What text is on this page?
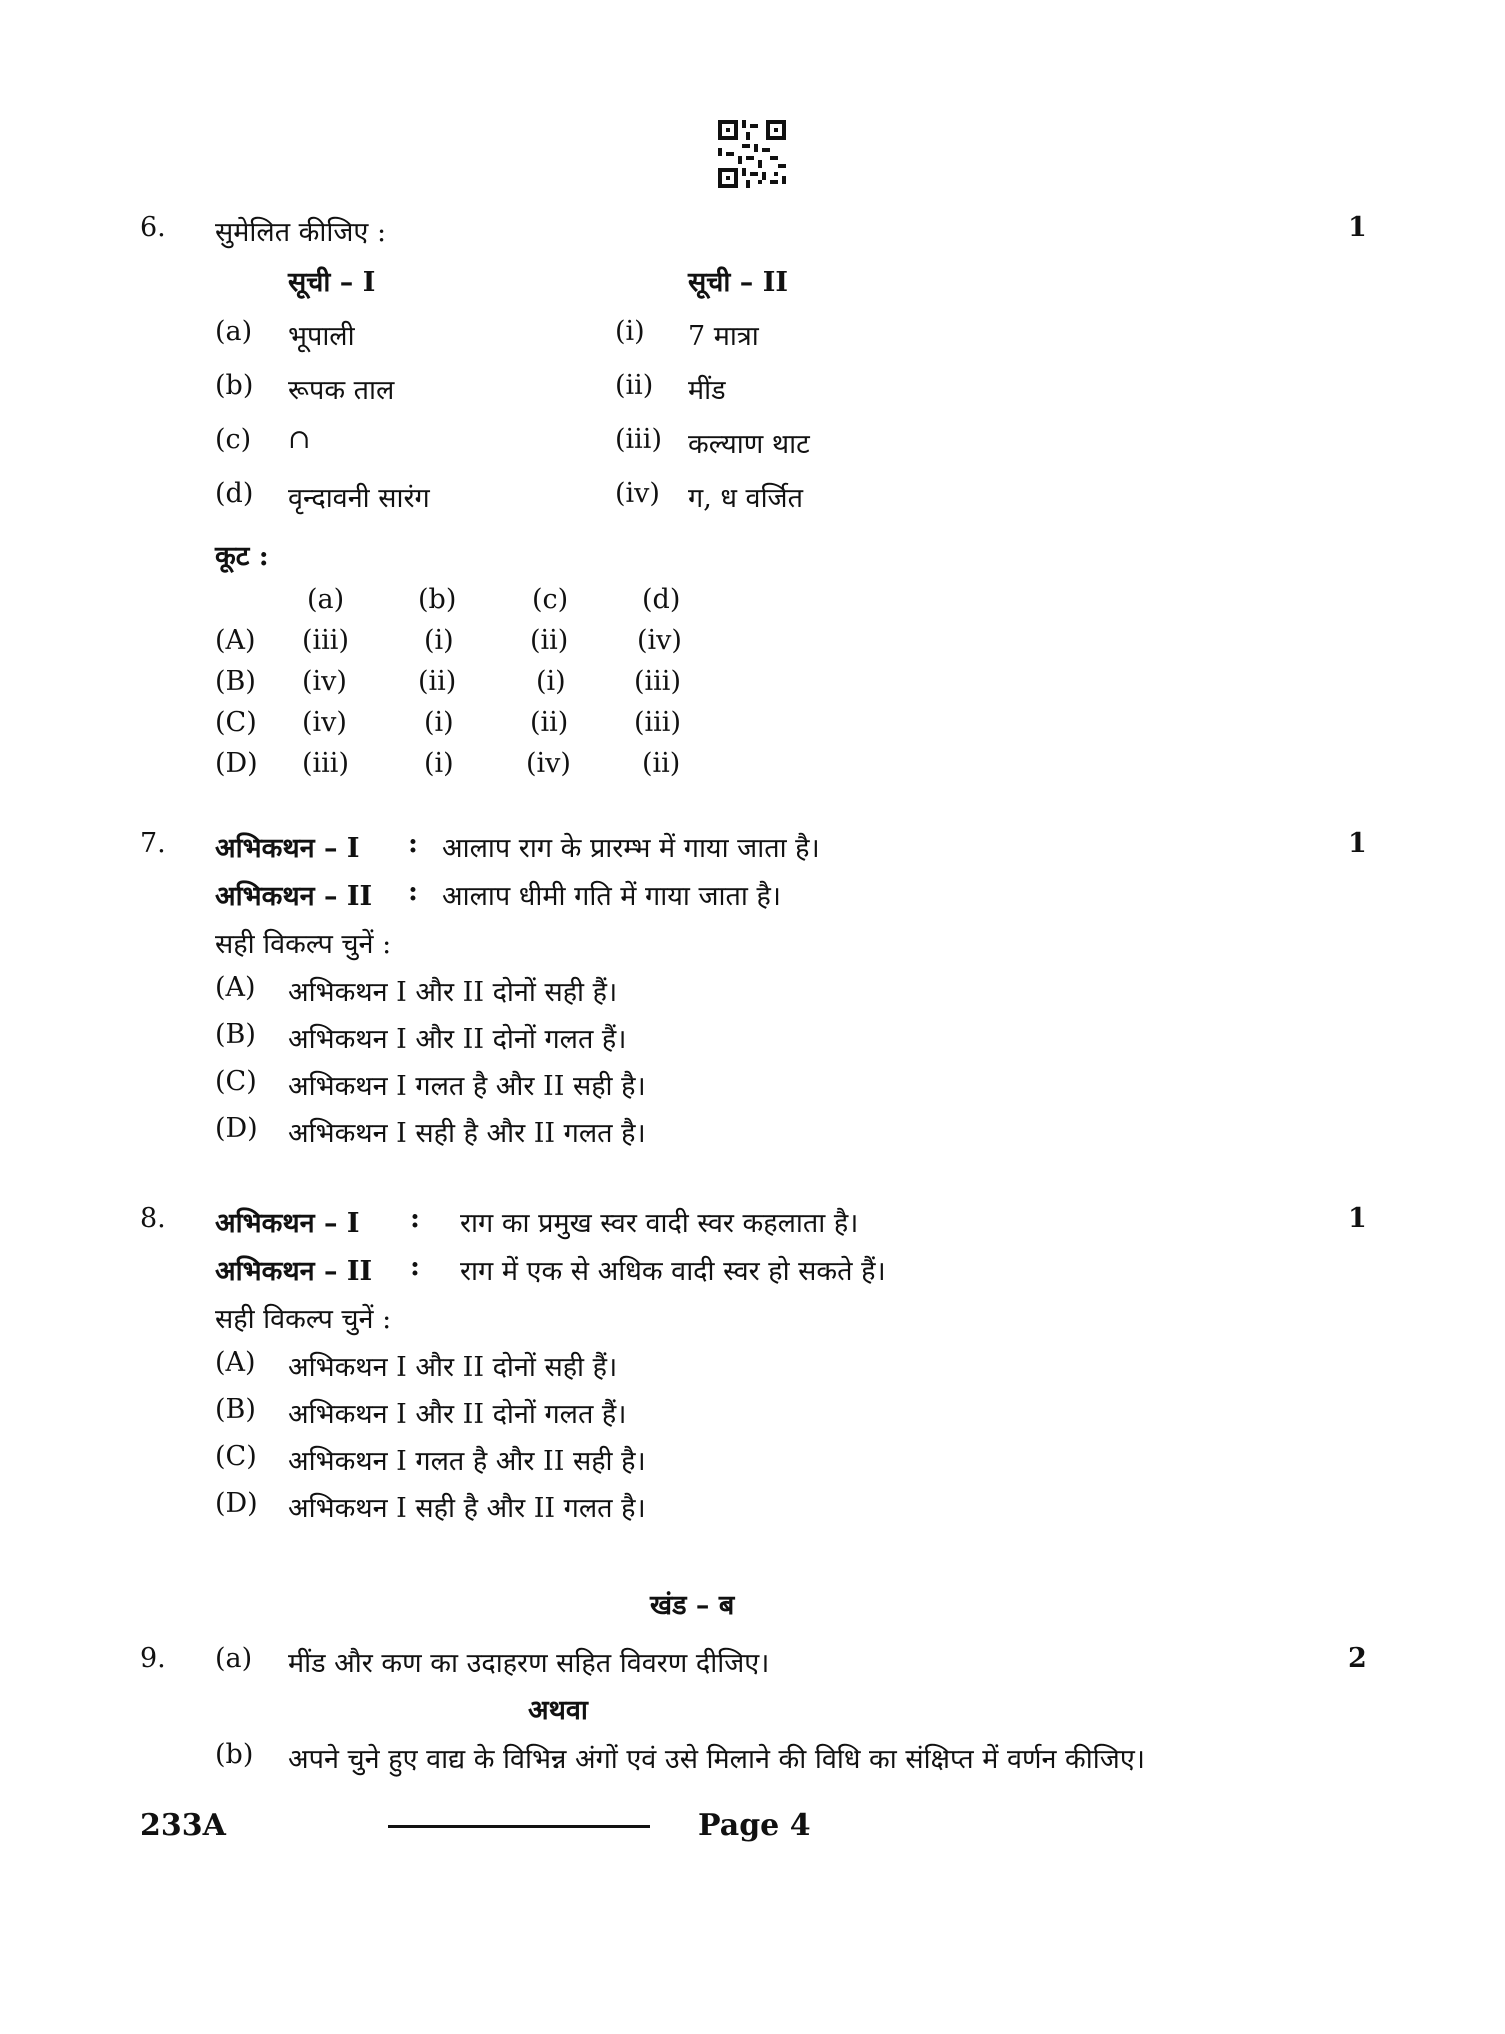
6. सुमेलित कीजिए :	1
सूची – I	सूची – II
(a) भूपाली	(i) 7 मात्रा
(b) रूपक ताल	(ii) मींड
(c) ∩	(iii) कल्याण थाट
(d) वृन्दावनी सारंग	(iv) ग, ध वर्जित
कूट :
(a)	(b)	(c)	(d)
(A) (iii)	(i)	(ii)	(iv)
(B) (iv)	(ii)	(i)	(iii)
(C) (iv)	(i)	(ii) (iii)
(D) (iii)	(i)	(iv)	(ii)
7. अभिकथन – I : आलाप राग के प्रारम्भ में गाया जाता है।	1
अभिकथन – II : आलाप धीमी गति में गाया जाता है।
सही विकल्प चुनें :
(A) अभिकथन I और II दोनों सही हैं।
(B) अभिकथन I और II दोनों गलत हैं।
(C) अभिकथन I गलत है और II सही है।
(D) अभिकथन I सही है और II गलत है।
8. अभिकथन – I : राग का प्रमुख स्वर वादी स्वर कहलाता है।	1
अभिकथन – II : राग में एक से अधिक वादी स्वर हो सकते हैं।
सही विकल्प चुनें :
(A) अभिकथन I और II दोनों सही हैं।
(B) अभिकथन I और II दोनों गलत हैं।
(C) अभिकथन I गलत है और II सही है।
(D) अभिकथन I सही है और II गलत है।
खंड – ब
9. (a) मींड और कण का उदाहरण सहित विवरण दीजिए।	2
अथवा
(b) अपने चुने हुए वाद्य के विभिन्न अंगों एवं उसे मिलाने की विधि का संक्षिप्त में वर्णन कीजिए।
233A	Page 4
